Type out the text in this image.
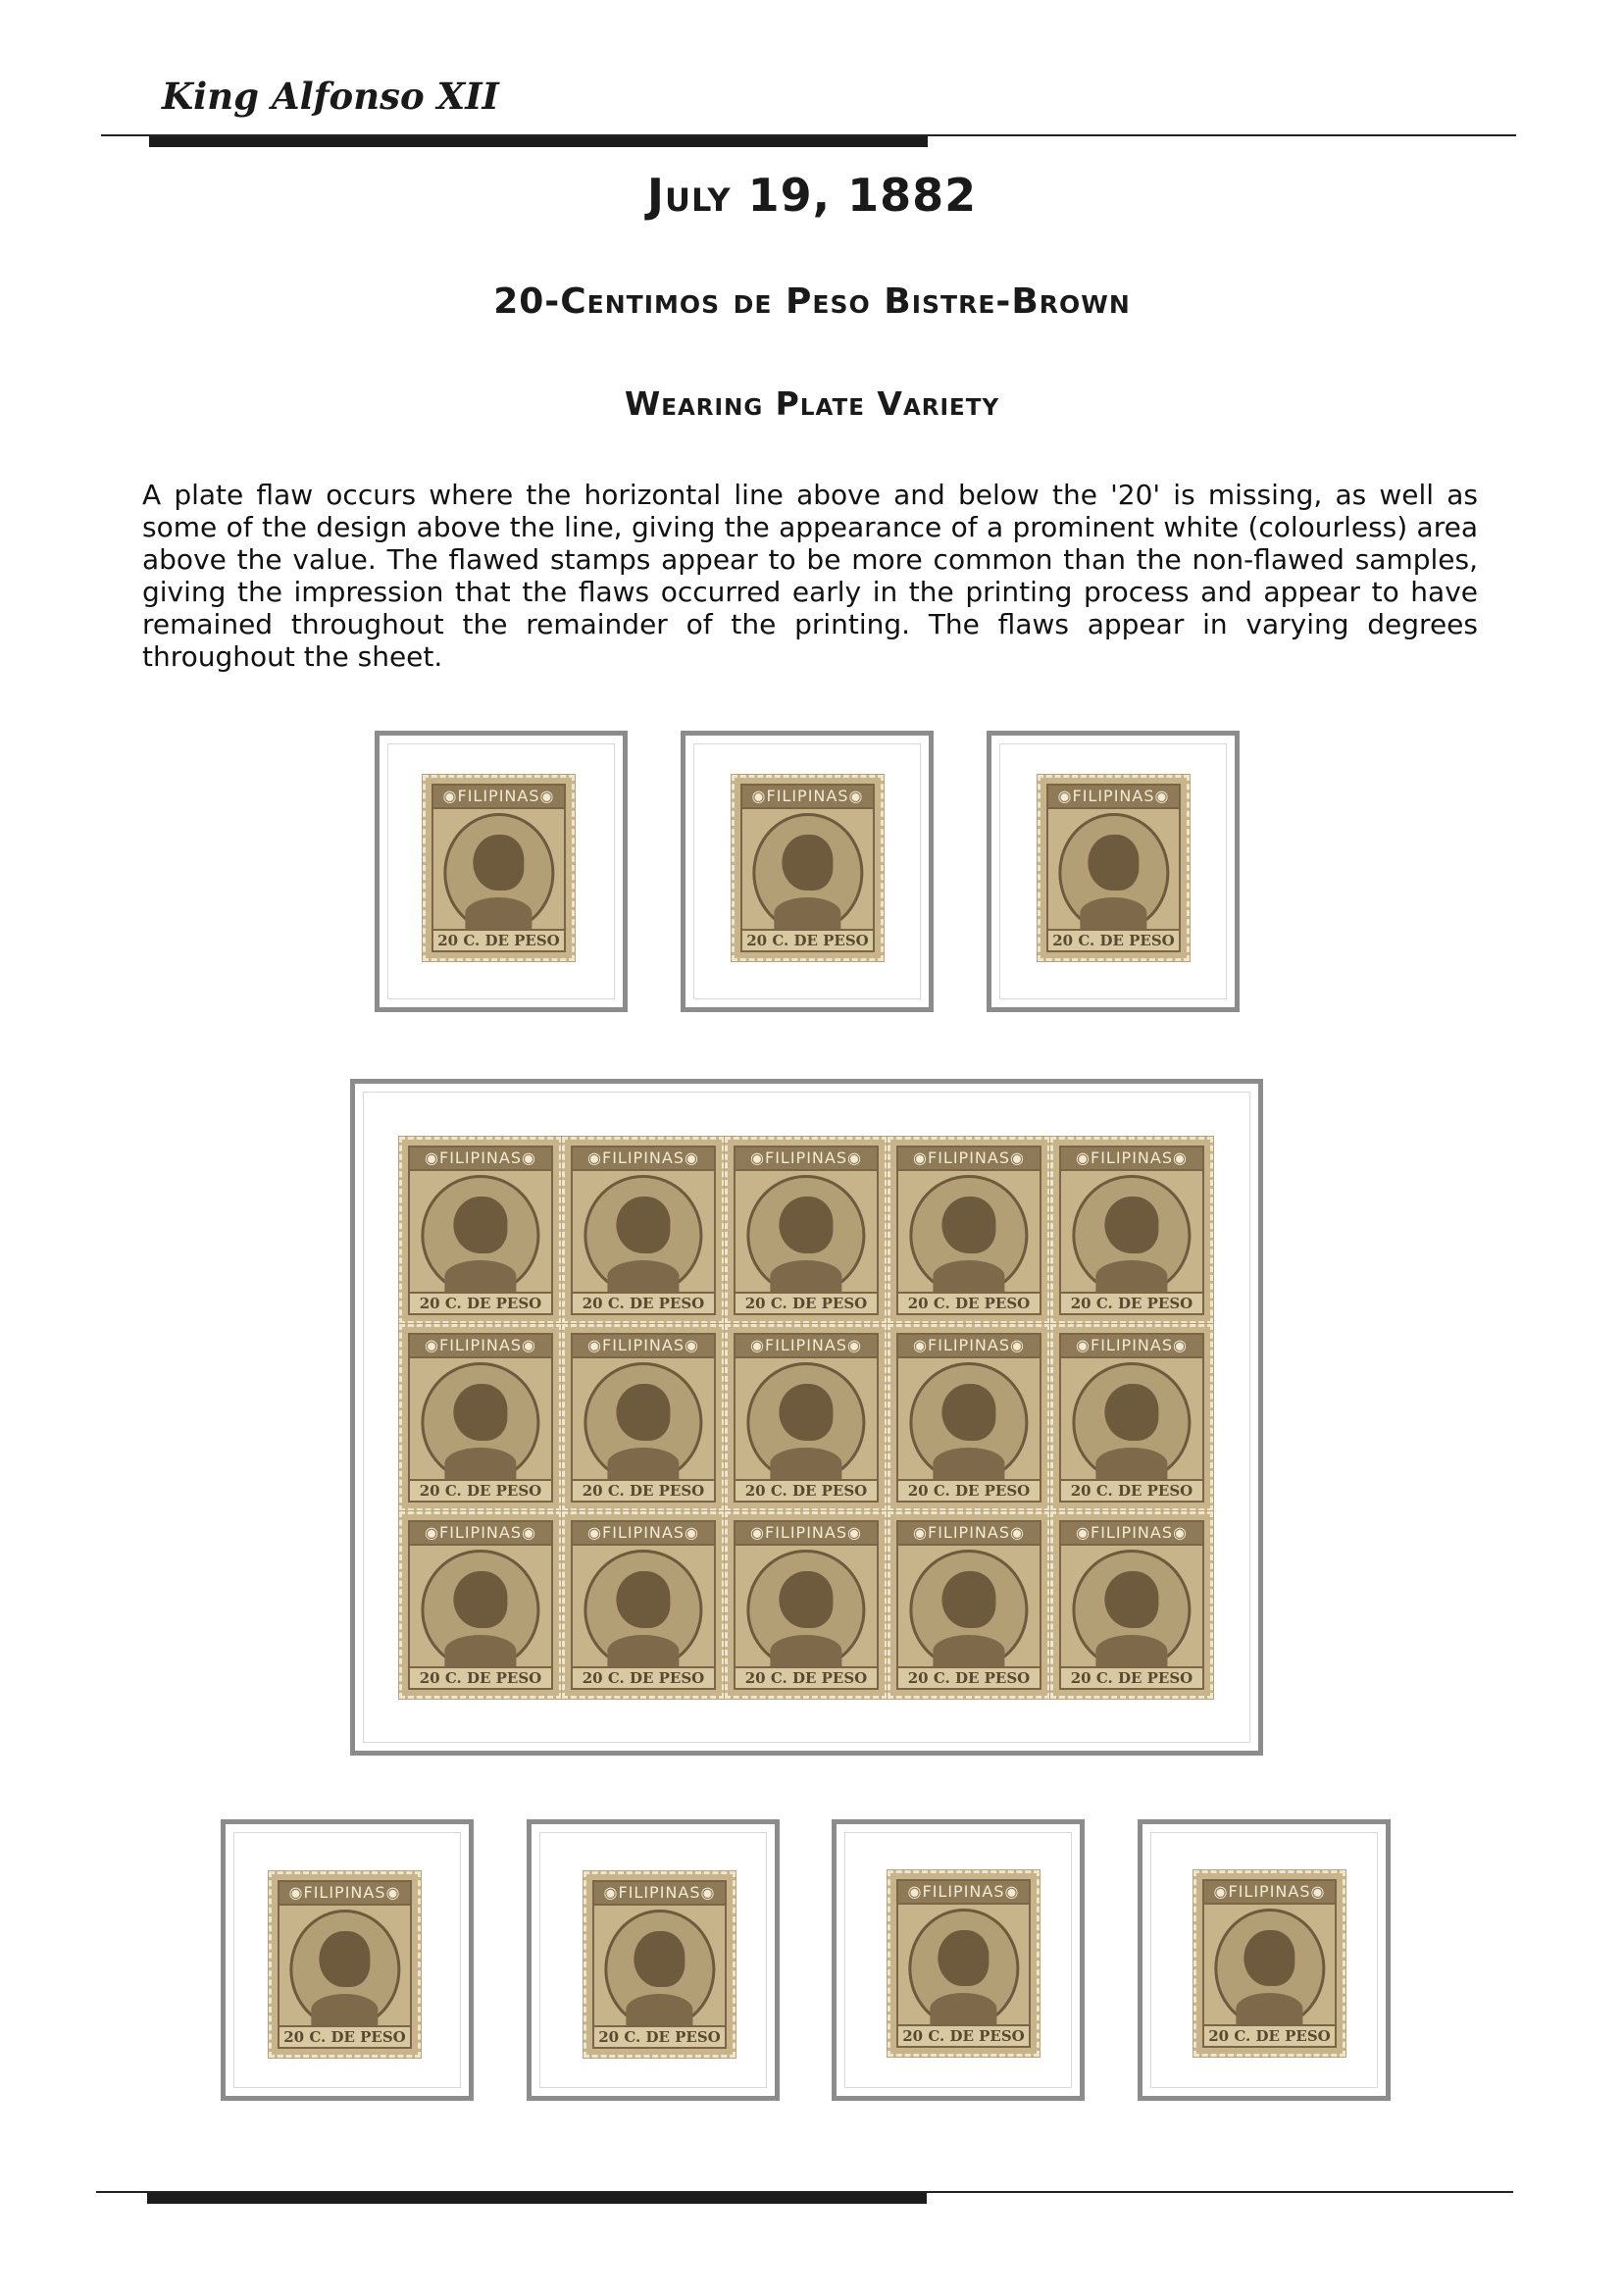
King Alfonso XII
July 19, 1882
20-Centimos de Peso Bistre-Brown
Wearing Plate Variety
A plate flaw occurs where the horizontal line above and below the '20' is missing, as well as some of the design above the line, giving the appearance of a prominent white (colourless) area above the value. The flawed stamps appear to be more common than the non-flawed samples, giving the impression that the flaws occurred early in the printing process and appear to have remained throughout the remainder of the printing. The flaws appear in varying degrees throughout the sheet.
◉FILIPINAS◉
20 C. DE PESO
◉FILIPINAS◉
20 C. DE PESO
◉FILIPINAS◉
20 C. DE PESO
◉FILIPINAS◉
20 C. DE PESO
◉FILIPINAS◉
20 C. DE PESO
◉FILIPINAS◉
20 C. DE PESO
◉FILIPINAS◉
20 C. DE PESO
◉FILIPINAS◉
20 C. DE PESO
◉FILIPINAS◉
20 C. DE PESO
◉FILIPINAS◉
20 C. DE PESO
◉FILIPINAS◉
20 C. DE PESO
◉FILIPINAS◉
20 C. DE PESO
◉FILIPINAS◉
20 C. DE PESO
◉FILIPINAS◉
20 C. DE PESO
◉FILIPINAS◉
20 C. DE PESO
◉FILIPINAS◉
20 C. DE PESO
◉FILIPINAS◉
20 C. DE PESO
◉FILIPINAS◉
20 C. DE PESO
◉FILIPINAS◉
20 C. DE PESO
◉FILIPINAS◉
20 C. DE PESO
◉FILIPINAS◉
20 C. DE PESO
◉FILIPINAS◉
20 C. DE PESO
